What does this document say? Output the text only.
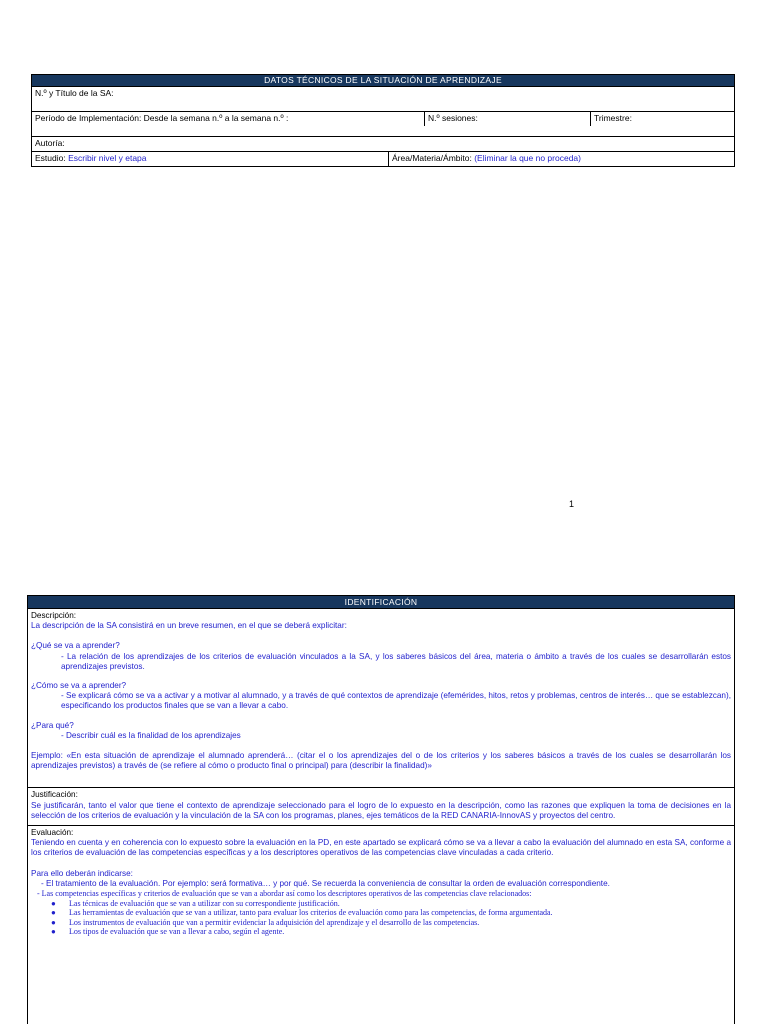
DATOS TÉCNICOS DE LA SITUACIÓN DE APRENDIZAJE
N.º y Título de la SA:
Período de Implementación: Desde la semana n.º a la semana n.º :	N.º sesiones:	Trimestre:
Autoría:
Estudio: Escribir nivel y etapa	Área/Materia/Ámbito: (Eliminar la que no proceda)
1
IDENTIFICACIÓN
Descripción:
La descripción de la SA consistirá en un breve resumen, en el que se deberá explicitar:
¿Qué se va a aprender?
- La relación de los aprendizajes de los criterios de evaluación vinculados a la SA, y los saberes básicos del área, materia o ámbito a través de los cuales se desarrollarán estos aprendizajes previstos.
¿Cómo se va a aprender?
- Se explicará cómo se va a activar y a motivar al alumnado, y a través de qué contextos de aprendizaje (efemérides, hitos, retos y problemas, centros de interés… que se establezcan), especificando los productos finales que se van a llevar a cabo.
¿Para qué?
- Describir cuál es la finalidad de los aprendizajes
Ejemplo: «En esta situación de aprendizaje el alumnado aprenderá… (citar el o los aprendizajes del o de los criterios y los saberes básicos a través de los cuales se desarrollarán los aprendizajes previstos) a través de (se refiere al cómo o producto final o principal) para (describir la finalidad)»
Justificación:
Se justificarán, tanto el valor que tiene el contexto de aprendizaje seleccionado para el logro de lo expuesto en la descripción, como las razones que expliquen la toma de decisiones en la selección de los criterios de evaluación y la vinculación de la SA con los programas, planes, ejes temáticos de la RED CANARIA-InnovAS y proyectos del centro.
Evaluación:
Teniendo en cuenta y en coherencia con lo expuesto sobre la evaluación en la PD, en este apartado se explicará cómo se va a llevar a cabo la evaluación del alumnado en esta SA, conforme a los criterios de evaluación de las competencias específicas y a los descriptores operativos de las competencias clave vinculadas a cada criterio.
Para ello deberán indicarse:
- El tratamiento de la evaluación. Por ejemplo: será formativa… y por qué. Se recuerda la conveniencia de consultar la orden de evaluación correspondiente.
- Las competencias específicas y criterios de evaluación que se van a abordar así como los descriptores operativos de las competencias clave relacionados:
● Las técnicas de evaluación que se van a utilizar con su correspondiente justificación.
● Las herramientas de evaluación que se van a utilizar, tanto para evaluar los criterios de evaluación como para las competencias, de forma argumentada.
● Los instrumentos de evaluación que van a permitir evidenciar la adquisición del aprendizaje y el desarrollo de las competencias.
● Los tipos de evaluación que se van a llevar a cabo, según el agente.
